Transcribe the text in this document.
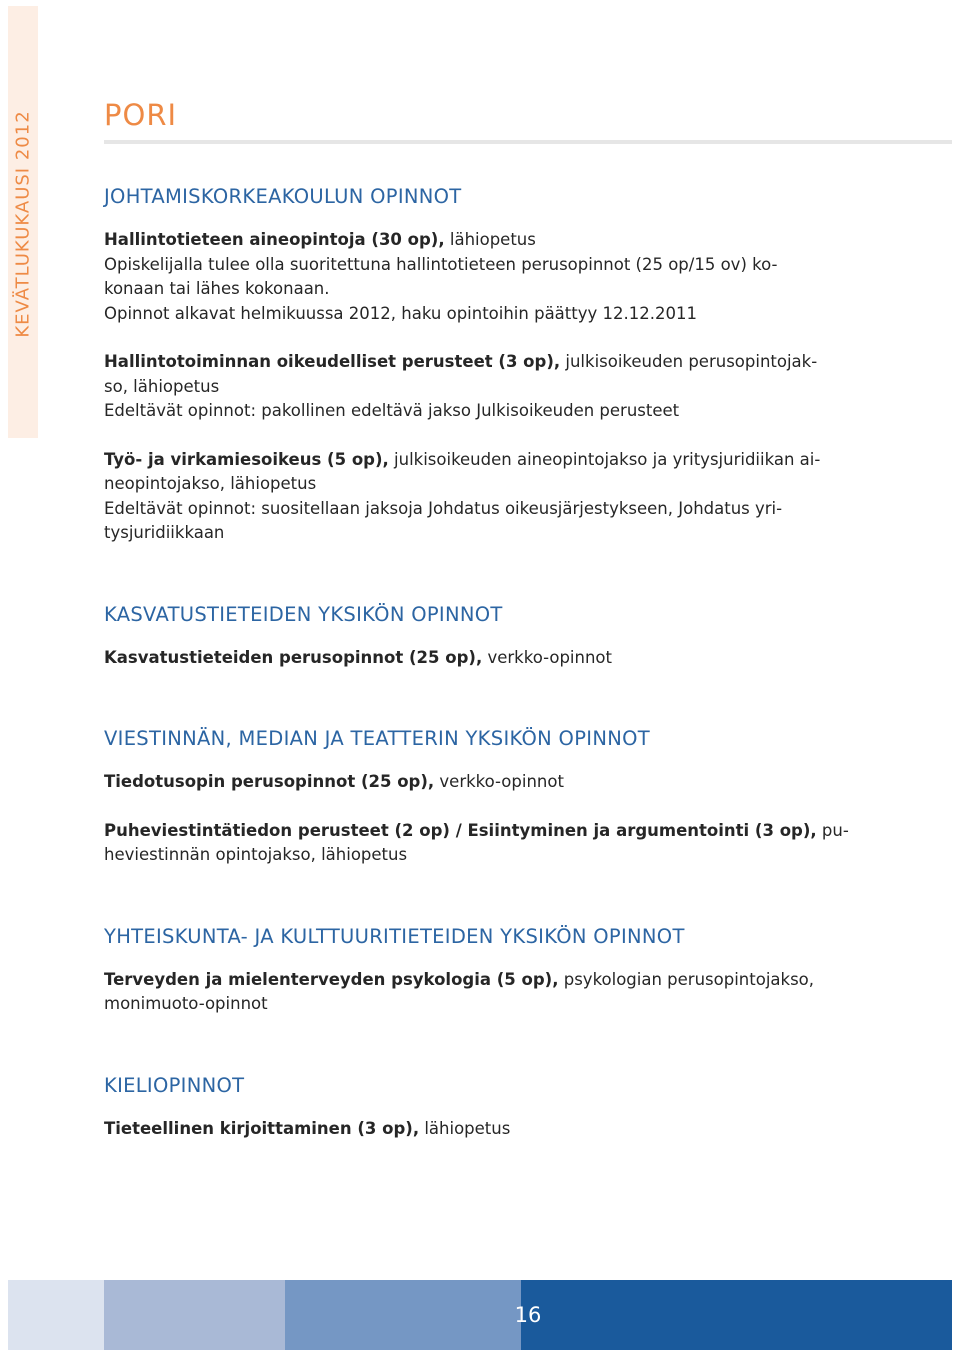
KEVÄTLUKUKAUSI 2012 PORI
JOHTAMISKORKEAKOULUN OPINNOT

Hallintotieteen aineopintoja (30 op), lähiopetus
Opiskelijalla tulee olla suoritettuna hallintotieteen perusopinnot (25 op/15 ov) ko-
konaan tai lähes kokonaan.
Opinnot alkavat helmikuussa 2012, haku opintoihin päättyy 12.12.2011

Hallintotoiminnan oikeudelliset perusteet (3 op), julkisoikeuden perusopintojak-
so, lähiopetus
Edeltävät opinnot: pakollinen edeltävä jakso Julkisoikeuden perusteet

Työ- ja virkamiesoikeus (5 op), julkisoikeuden aineopintojakso ja yritysjuridiikan ai-
neopintojakso, lähiopetus
Edeltävät opinnot: suositellaan jaksoja Johdatus oikeusjärjestykseen, Johdatus yri-
tysjuridiikkaan

KASVATUSTIETEIDEN YKSIKÖN OPINNOT

Kasvatustieteiden perusopinnot (25 op), verkko-opinnot

VIESTINNÄN, MEDIAN JA TEATTERIN YKSIKÖN OPINNOT

Tiedotusopin perusopinnot (25 op), verkko-opinnot

Puheviestintätiedon perusteet (2 op) / Esiintyminen ja argumentointi (3 op), pu-
heviestinnän opintojakso, lähiopetus

YHTEISKUNTA- JA KULTTUURITIETEIDEN YKSIKÖN OPINNOT

Terveyden ja mielenterveyden psykologia (5 op), psykologian perusopintojakso,
monimuoto-opinnot

KIELIOPINNOT

Tieteellinen kirjoittaminen (3 op), lähiopetus

16
